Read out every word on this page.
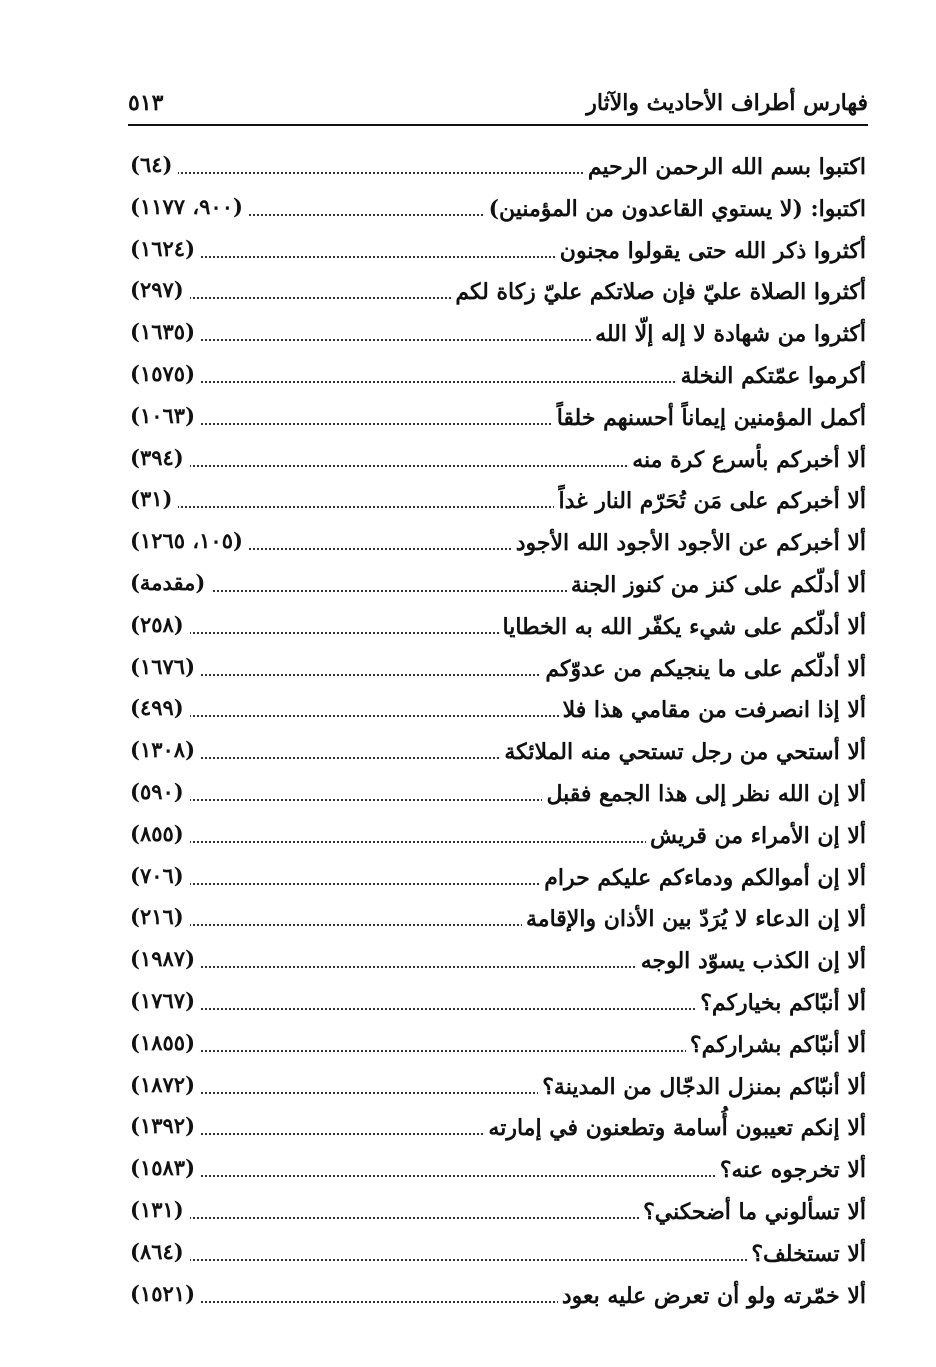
فهارس أطراف الأحاديث والآثار
٥١٣
اكتبوا بسم الله الرحمن الرحيم
(٦٤)
اكتبوا: (لا يستوي القاعدون من المؤمنين)
(٩٠٠، ١١٧٧)
أكثروا ذكر الله حتى يقولوا مجنون
(١٦٢٤)
أكثروا الصلاة عليّ فإن صلاتكم عليّ زكاة لكم
(٢٩٧)
أكثروا من شهادة لا إله إلّا الله
(١٦٣٥)
أكرموا عمّتكم النخلة
(١٥٧٥)
أكمل المؤمنين إيماناً أحسنهم خلقاً
(١٠٦٣)
ألا أخبركم بأسرع كرة منه
(٣٩٤)
ألا أخبركم على مَن تُحَرّم النار غداً
(٣١)
ألا أخبركم عن الأجود الأجود الله الأجود
(١٠٥، ١٢٦٥)
ألا أدلّكم على كنز من كنوز الجنة
(مقدمة)
ألا أدلّكم على شيء يكفّر الله به الخطايا
(٢٥٨)
ألا أدلّكم على ما ينجيكم من عدوّكم
(١٦٧٦)
ألا إذا انصرفت من مقامي هذا فلا
(٤٩٩)
ألا أستحي من رجل تستحي منه الملائكة
(١٣٠٨)
ألا إن الله نظر إلى هذا الجمع فقبل
(٥٩٠)
ألا إن الأمراء من قريش
(٨٥٥)
ألا إن أموالكم ودماءكم عليكم حرام
(٧٠٦)
ألا إن الدعاء لا يُرَدّ بين الأذان والإقامة
(٢١٦)
ألا إن الكذب يسوّد الوجه
(١٩٨٧)
ألا أنبّاكم بخياركم؟
(١٧٦٧)
ألا أنبّاكم بشراركم؟
(١٨٥٥)
ألا أنبّاكم بمنزل الدجّال من المدينة؟
(١٨٧٢)
ألا إنكم تعيبون أُسامة وتطعنون في إمارته
(١٣٩٢)
ألا تخرجوه عنه؟
(١٥٨٣)
ألا تسألوني ما أضحكني؟
(١٣١)
ألا تستخلف؟
(٨٦٤)
ألا خمّرته ولو أن تعرض عليه بعود
(١٥٢١)
